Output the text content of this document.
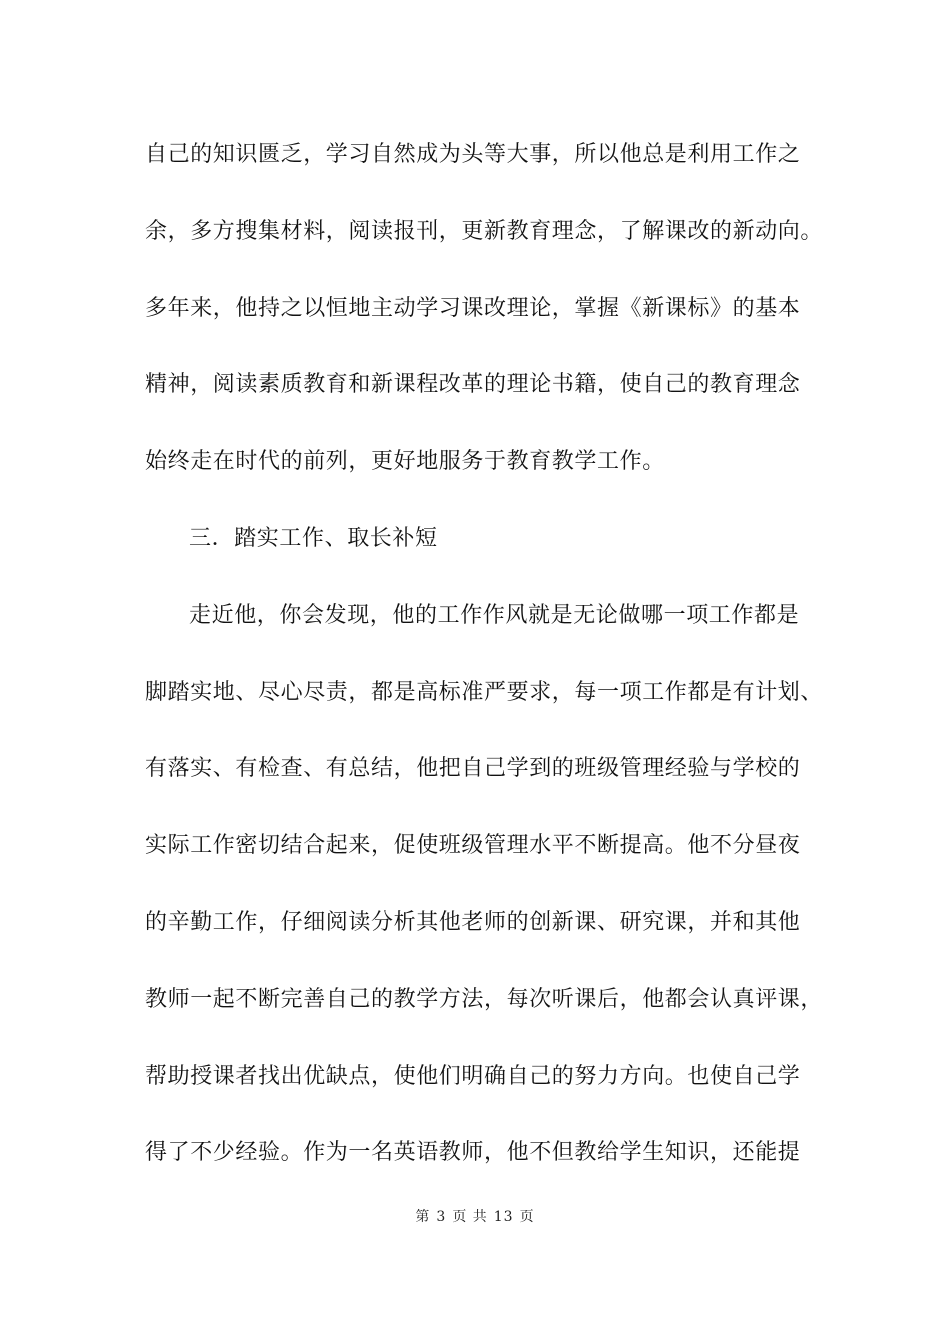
自己的知识匮乏，学习自然成为头等大事，所以他总是利用工作之
余，多方搜集材料，阅读报刊，更新教育理念，了解课改的新动向。
多年来，他持之以恒地主动学习课改理论，掌握《新课标》的基本
精神，阅读素质教育和新课程改革的理论书籍，使自己的教育理念
始终走在时代的前列，更好地服务于教育教学工作。
三．踏实工作、取长补短
走近他，你会发现，他的工作作风就是无论做哪一项工作都是
脚踏实地、尽心尽责，都是高标准严要求，每一项工作都是有计划、
有落实、有检查、有总结，他把自己学到的班级管理经验与学校的
实际工作密切结合起来，促使班级管理水平不断提高。他不分昼夜
的辛勤工作，仔细阅读分析其他老师的创新课、研究课，并和其他
教师一起不断完善自己的教学方法，每次听课后，他都会认真评课，
帮助授课者找出优缺点，使他们明确自己的努力方向。也使自己学
得了不少经验。作为一名英语教师，他不但教给学生知识，还能提
第 3 页 共 13 页
